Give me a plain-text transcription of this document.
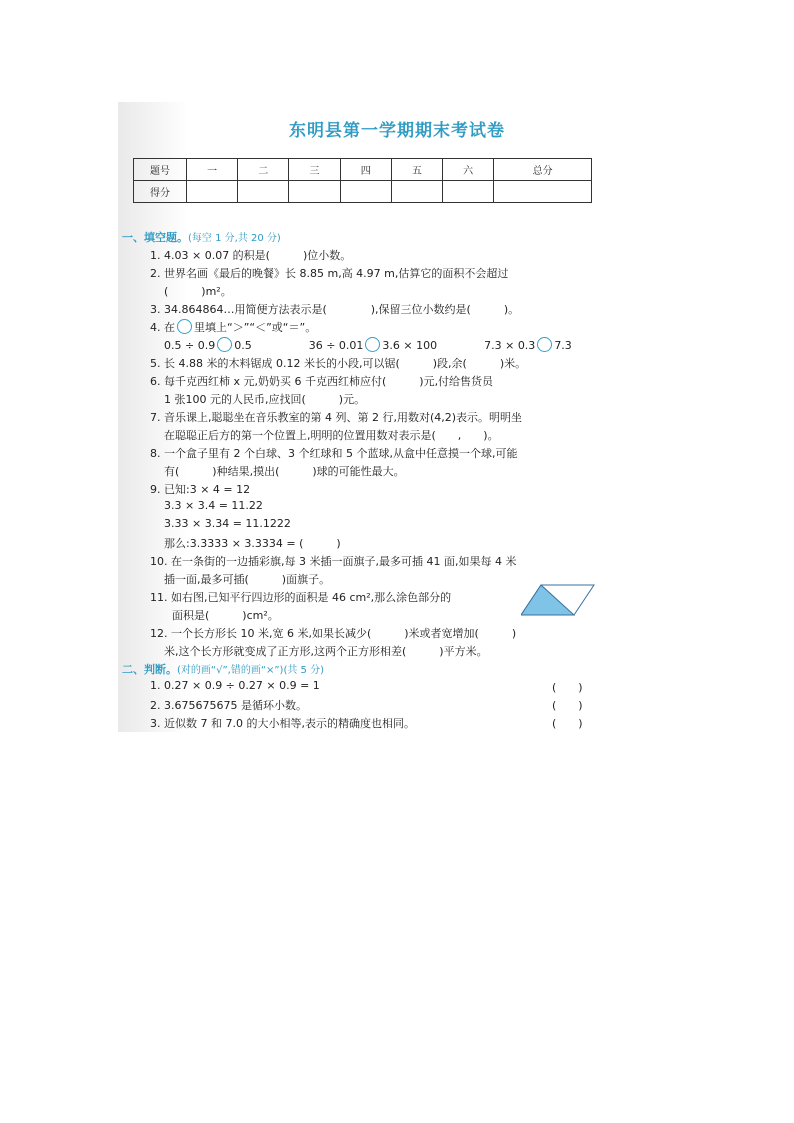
东明县第一学期期末考试卷
题号	一	二	三	四	五	六	总分
得分							
一、填空题。(每空 1 分,共 20 分)
1. 4.03 × 0.07 的积是(　　　)位小数。
2. 世界名画《最后的晚餐》长 8.85 m,高 4.97 m,估算它的面积不会超过
(　　　)m²。
3. 34.864864…用简便方法表示是(　　　　),保留三位小数约是(　　　)。
4. 在 里填上“＞”“＜”或“＝”。
0.5 ÷ 0.9 0.5	36 ÷ 0.01 3.6 × 100	7.3 × 0.3 7.3
5. 长 4.88 米的木料锯成 0.12 米长的小段,可以锯(　　　)段,余(　　　)米。
6. 每千克西红柿 x 元,奶奶买 6 千克西红柿应付(　　　)元,付给售货员
1 张100 元的人民币,应找回(　　　)元。
7. 音乐课上,聪聪坐在音乐教室的第 4 列、第 2 行,用数对(4,2)表示。明明坐
在聪聪正后方的第一个位置上,明明的位置用数对表示是(　　,　　)。
8. 一个盒子里有 2 个白球、3 个红球和 5 个蓝球,从盒中任意摸一个球,可能
有(　　　)种结果,摸出(　　　)球的可能性最大。
9. 已知:3 × 4 = 12
3.3 × 3.4 = 11.22
3.33 × 3.34 = 11.1222
那么:3.3333 × 3.3334 = (　　　)
10. 在一条街的一边插彩旗,每 3 米插一面旗子,最多可插 41 面,如果每 4 米
插一面,最多可插(　　　)面旗子。
11. 如右图,已知平行四边形的面积是 46 cm²,那么涂色部分的
面积是(　　　)cm²。
12. 一个长方形长 10 米,宽 6 米,如果长减少(　　　)米或者宽增加(　　　)
米,这个长方形就变成了正方形,这两个正方形相差(　　　)平方米。
二、判断。(对的画“√”,错的画“×”)(共 5 分)
1. 0.27 × 0.9 ÷ 0.27 × 0.9 = 1	(　　)
2. 3.675675675 是循环小数。	(　　)
3. 近似数 7 和 7.0 的大小相等,表示的精确度也相同。	(　　)
